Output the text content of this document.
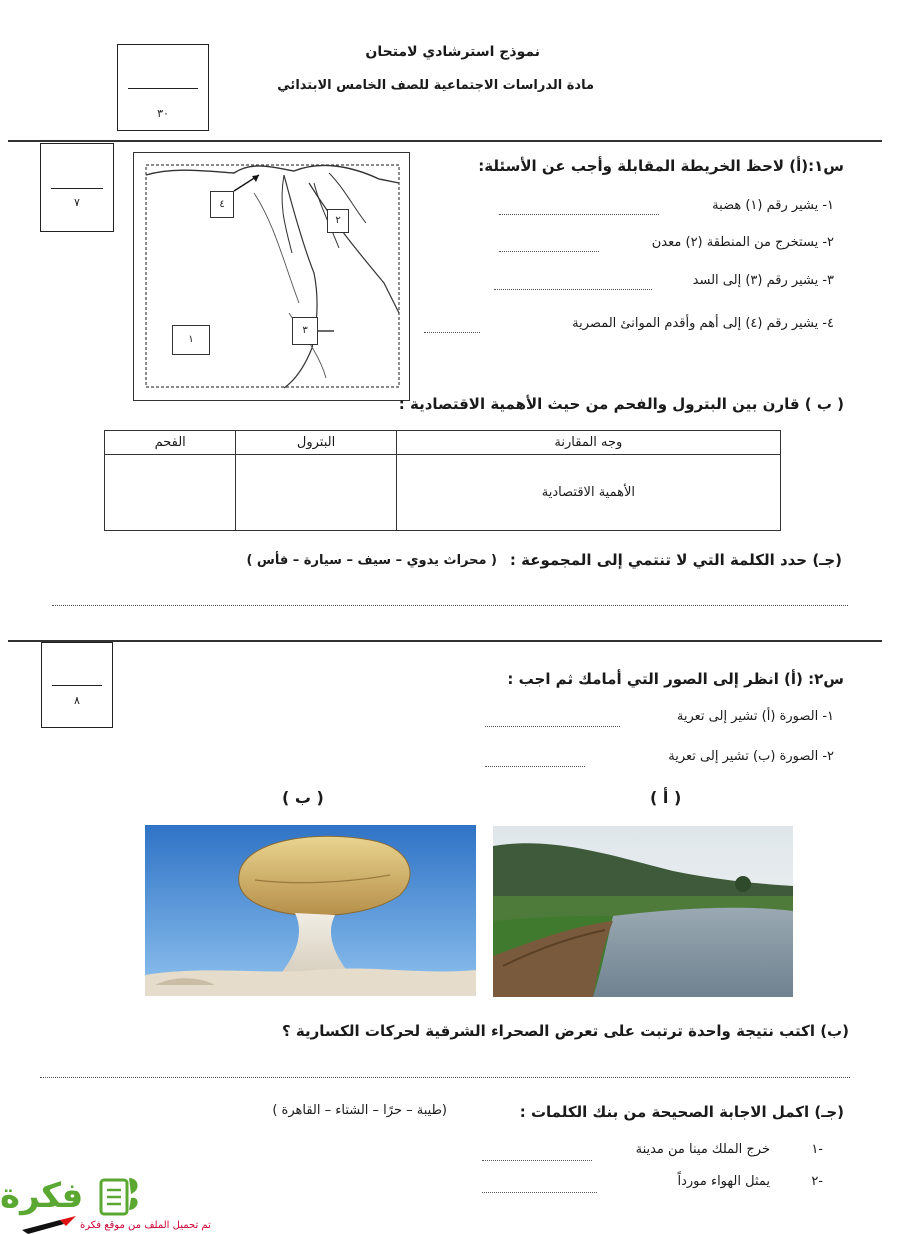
٣٠
نموذج استرشادي لامتحان
مادة الدراسات الاجتماعية للصف الخامس الابتدائي
٧	٤
٢
١
٣
س١:(أ) لاحظ الخريطة المقابلة وأجب عن الأسئلة:
١- يشير رقم (١) هضبة
٢- يستخرج من المنطقة (٢) معدن
٣- يشير رقم (٣) إلى السد
٤- يشير رقم (٤) إلى أهم وأقدم الموانئ المصرية
( ب ) قارن بين البترول والفحم من حيث الأهمية الاقتصادية :
وجه المقارنة	البترول	الفحم
الأهمية الاقتصادية		
(جـ) حدد الكلمة التي لا تنتمي إلى المجموعة :
( محراث يدوي – سيف – سيارة – فأس )
٨
س٢: (أ) انظر إلى الصور التي أمامك ثم اجب :
١- الصورة (أ) تشير إلى تعرية
٢- الصورة (ب) تشير إلى تعرية
( أ )
( ب )
(ب) اكتب نتيجة واحدة ترتبت على تعرض الصحراء الشرقية لحركات الكسارية ؟
(جـ) اكمل الاجابة الصحيحة من بنك الكلمات :
(طيبة – حرًا – الشتاء – القاهرة )
-١
خرج الملك مينا من مدينة
-٢
يمثل الهواء مورداً
فكرة
تم تحميل الملف من موقع فكرة
